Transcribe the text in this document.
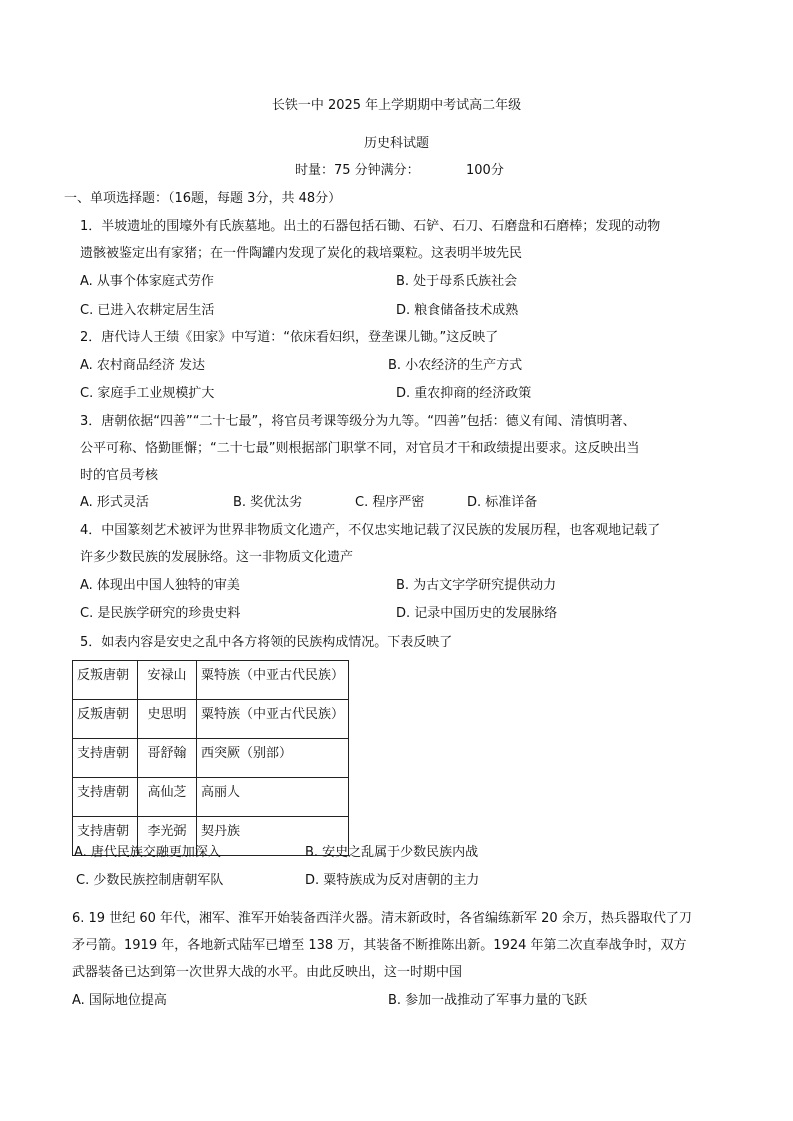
长铁一中 2025 年上学期期中考试高二年级
历史科试题
时量：75 分钟满分：	100分
一、单项选择题：（16题，每题 3分，共 48分）
1．半坡遗址的围壕外有氏族墓地。出土的石器包括石锄、石铲、石刀、石磨盘和石磨棒；发现的动物
遗骸被鉴定出有家猪；在一件陶罐内发现了炭化的栽培粟粒。这表明半坡先民
A. 从事个体家庭式劳作	B. 处于母系氏族社会
C. 已进入农耕定居生活	D. 粮食储备技术成熟
2．唐代诗人王绩《田家》中写道：“依床看妇织，登垄课儿锄。”这反映了
A. 农村商品经济 发达	B. 小农经济的生产方式
C. 家庭手工业规模扩大	D. 重农抑商的经济政策
3．唐朝依据“四善”“二十七最”，将官员考课等级分为九等。“四善”包括：德义有闻、清慎明著、
公平可称、恪勤匪懈；“二十七最”则根据部门职掌不同，对官员才干和政绩提出要求。这反映出当
时的官员考核
A. 形式灵活	B. 奖优汰劣	C. 程序严密	D. 标准详备
4．中国篆刻艺术被评为世界非物质文化遗产，不仅忠实地记载了汉民族的发展历程，也客观地记载了
许多少数民族的发展脉络。这一非物质文化遗产
A. 体现出中国人独特的审美	B. 为古文字学研究提供动力
C. 是民族学研究的珍贵史料	D. 记录中国历史的发展脉络
5．如表内容是安史之乱中各方将领的民族构成情况。下表反映了
反叛唐朝	安禄山	粟特族（中亚古代民族）
反叛唐朝	史思明	粟特族（中亚古代民族）
支持唐朝	哥舒翰	西突厥（别部）
支持唐朝	高仙芝	高丽人
支持唐朝	李光弼	契丹族
A. 唐代民族交融更加深入	B. 安史之乱属于少数民族内战
C. 少数民族控制唐朝军队	D. 粟特族成为反对唐朝的主力
6. 19 世纪 60 年代，湘军、淮军开始装备西洋火器。清末新政时，各省编练新军 20 余万，热兵器取代了刀
矛弓箭。1919 年，各地新式陆军已增至 138 万，其装备不断推陈出新。1924 年第二次直奉战争时，双方
武器装备已达到第一次世界大战的水平。由此反映出，这一时期中国
A. 国际地位提高	B. 参加一战推动了军事力量的飞跃
